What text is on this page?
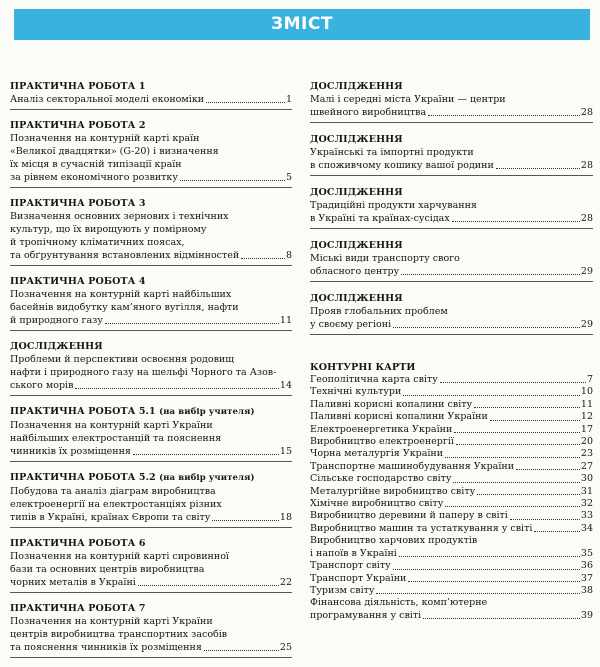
ЗМІСТ
ПРАКТИЧНА РОБОТА 1
Аналіз секторальної моделі економіки	1
ПРАКТИЧНА РОБОТА 2
Позначення на контурній карті країн
«Великої двадцятки» (G-20) і визначення
їх місця в сучасній типізації країн
за рівнем економічного розвитку	5
ПРАКТИЧНА РОБОТА 3
Визначення основних зернових і технічних
культур, що їх вирощують у помірному
й тропічному кліматичних поясах,
та обґрунтування встановлених відмінностей	8
ПРАКТИЧНА РОБОТА 4
Позначення на контурній карті найбільших
басейнів видобутку кам’яного вугілля, нафти
й природного газу	11
ДОСЛІДЖЕННЯ
Проблеми й перспективи освоєння родовищ
нафти і природного газу на шельфі Чорного та Азов-
ського морів	14
ПРАКТИЧНА РОБОТА 5.1 (на вибір учителя)
Позначення на контурній карті України
найбільших електростанцій та пояснення
чинників їх розміщення	15
ПРАКТИЧНА РОБОТА 5.2 (на вибір учителя)
Побудова та аналіз діаграм виробництва
електроенергії на електростанціях різних
типів в Україні, країнах Європи та світу	18
ПРАКТИЧНА РОБОТА 6
Позначення на контурній карті сировинної
бази та основних центрів виробництва
чорних металів в Україні	22
ПРАКТИЧНА РОБОТА 7
Позначення на контурній карті України
центрів виробництва транспортних засобів
та пояснення чинників їх розміщення	25
ДОСЛІДЖЕННЯ
Малі і середні міста України — центри
швейного виробництва	28
ДОСЛІДЖЕННЯ
Українські та імпортні продукти
в споживчому кошику вашої родини	28
ДОСЛІДЖЕННЯ
Традиційні продукти харчування
в Україні та країнах-сусідах	28
ДОСЛІДЖЕННЯ
Міські види транспорту свого
обласного центру	29
ДОСЛІДЖЕННЯ
Прояв глобальних проблем
у своєму регіоні	29
КОНТУРНІ КАРТИ
Геополітична карта світу	7
Технічні культури	10
Паливні корисні копалини світу	11
Паливні корисні копалини України	12
Електроенергетика України	17
Виробництво електроенергії	20
Чорна металургія України	23
Транспортне машинобудування України	27
Сільське господарство світу	30
Металургійне виробництво світу	31
Хімічне виробництво світу	32
Виробництво деревини й паперу в світі	33
Виробництво машин та устаткування у світі	34
Виробництво харчових продуктів
і напоїв в Україні	35
Транспорт світу	36
Транспорт України	37
Туризм світу	38
Фінансова діяльність, комп’ютерне
програмування у світі	39
